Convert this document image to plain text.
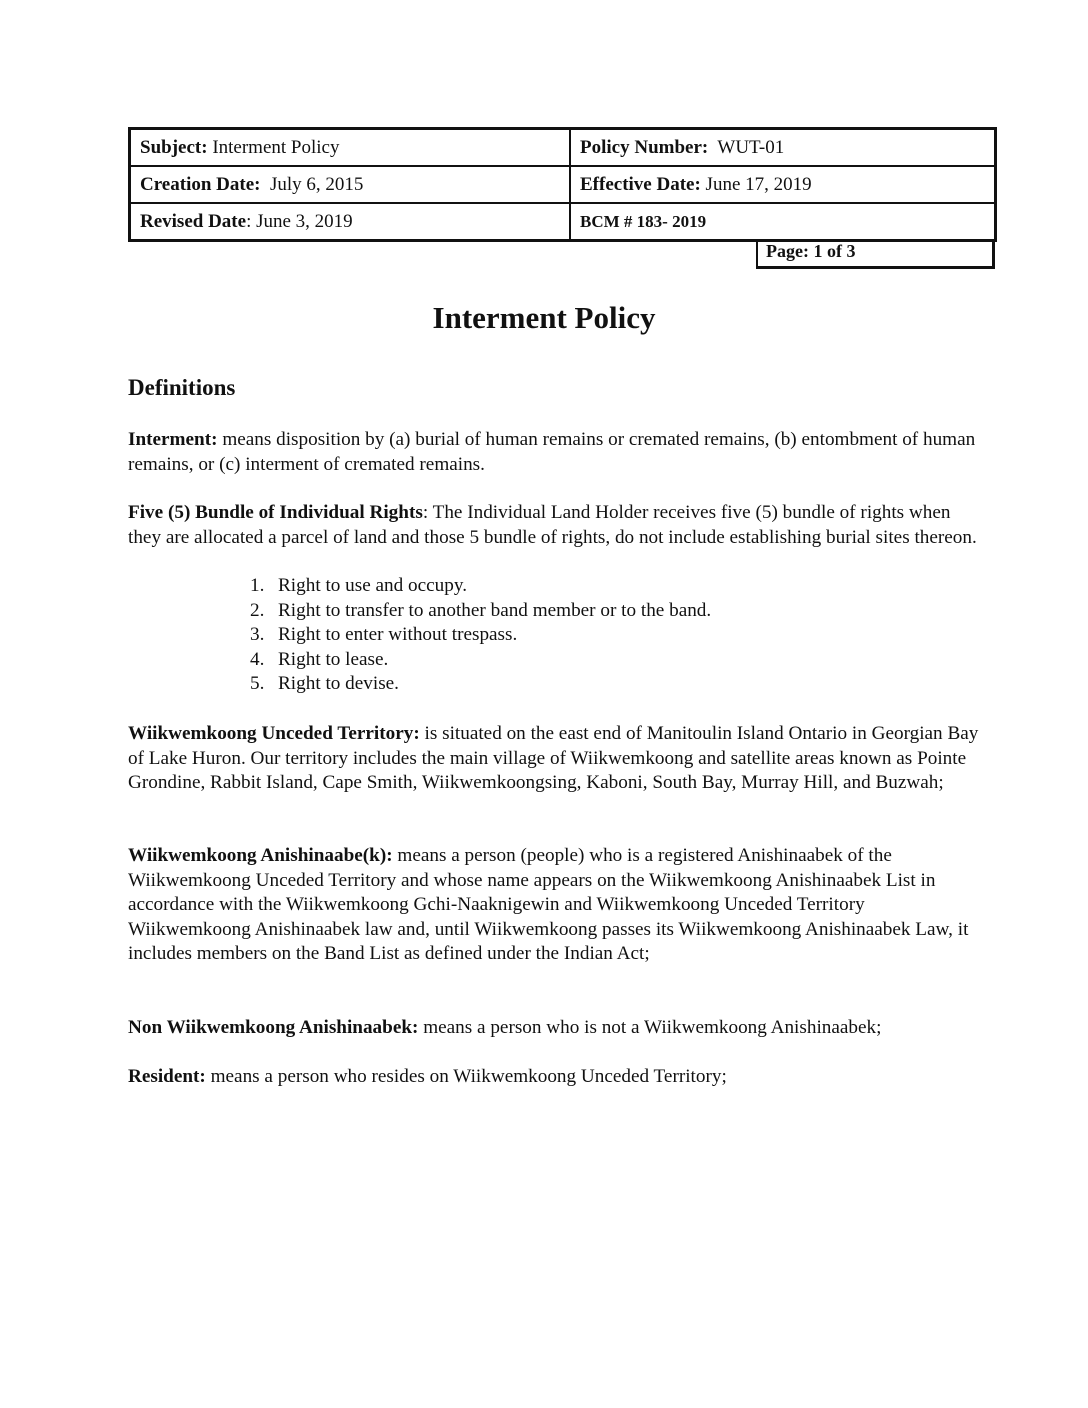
Subject: Interment Policy	Policy Number: WUT-01
Creation Date: July 6, 2015	Effective Date: June 17, 2019
Revised Date: June 3, 2019	BCM # 183- 2019
Page: 1 of 3
Interment Policy
Definitions

Interment: means disposition by (a) burial of human remains or cremated remains, (b) entombment of human remains, or (c) interment of cremated remains.

Five (5) Bundle of Individual Rights: The Individual Land Holder receives five (5) bundle of rights when they are allocated a parcel of land and those 5 bundle of rights, do not include establishing burial sites thereon.

1. Right to use and occupy.
2. Right to transfer to another band member or to the band.
3. Right to enter without trespass.
4. Right to lease.
5. Right to devise.

Wiikwemkoong Unceded Territory: is situated on the east end of Manitoulin Island Ontario in Georgian Bay of Lake Huron. Our territory includes the main village of Wiikwemkoong and satellite areas known as Pointe Grondine, Rabbit Island, Cape Smith, Wiikwemkoongsing, Kaboni, South Bay, Murray Hill, and Buzwah;

Wiikwemkoong Anishinaabe(k): means a person (people) who is a registered Anishinaabek of the Wiikwemkoong Unceded Territory and whose name appears on the Wiikwemkoong Anishinaabek List in accordance with the Wiikwemkoong Gchi-Naaknigewin and Wiikwemkoong Unceded Territory Wiikwemkoong Anishinaabek law and, until Wiikwemkoong passes its Wiikwemkoong Anishinaabek Law, it includes members on the Band List as defined under the Indian Act;

Non Wiikwemkoong Anishinaabek: means a person who is not a Wiikwemkoong Anishinaabek;

Resident: means a person who resides on Wiikwemkoong Unceded Territory;
